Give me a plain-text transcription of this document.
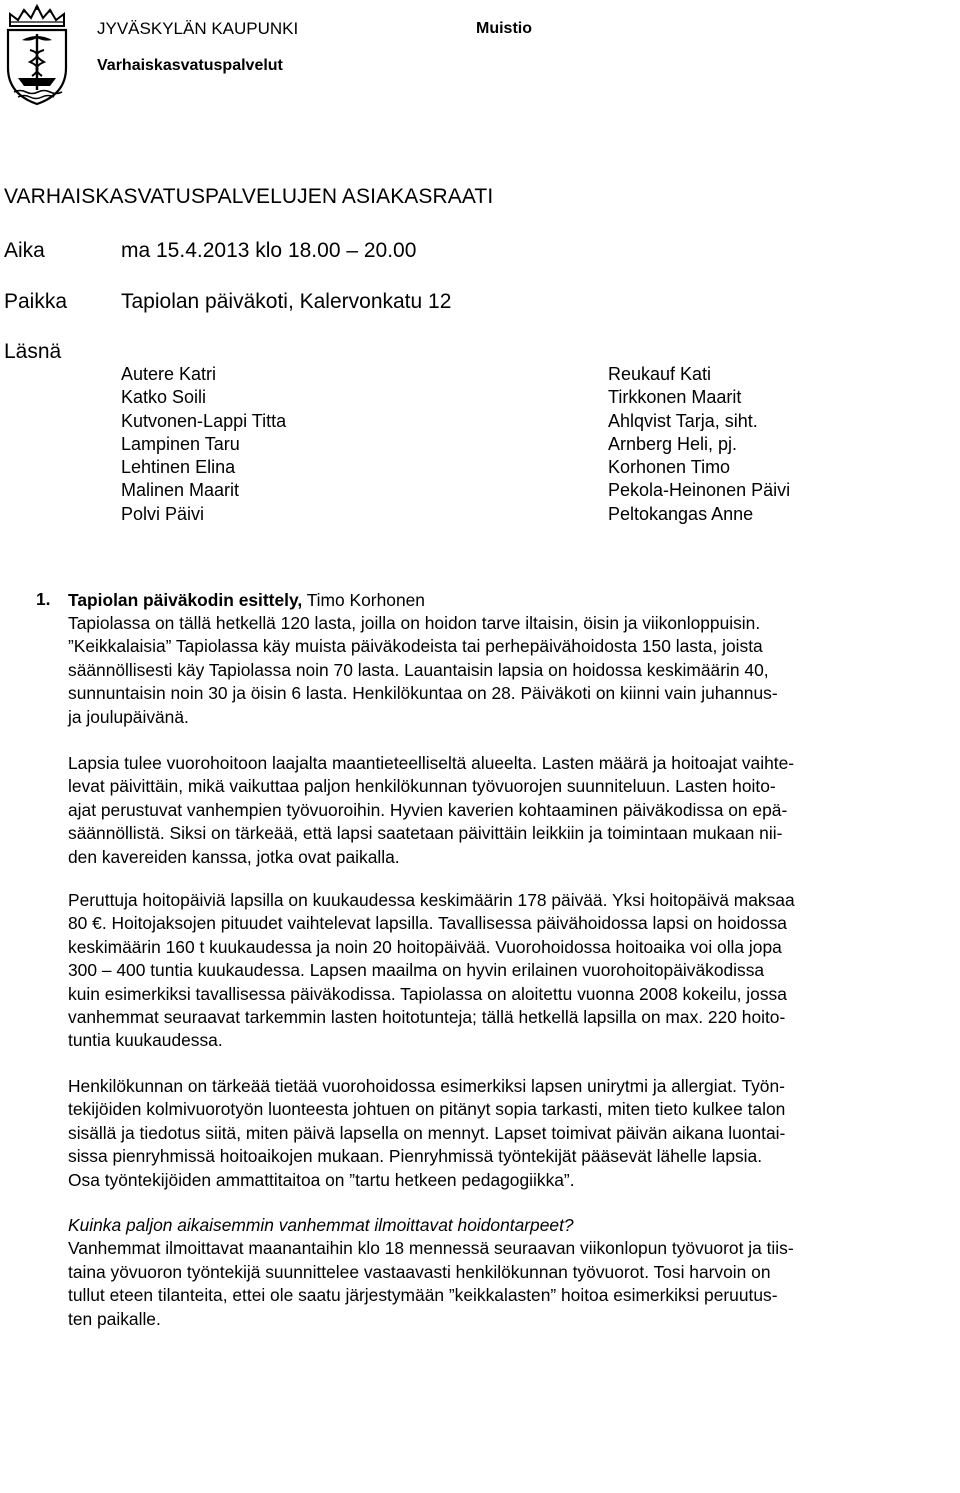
JYVÄSKYLÄN KAUPUNKI	Muistio
Varhaiskasvatuspalvelut
VARHAISKASVATUSPALVELUJEN ASIAKASRAATI
Aika	ma 15.4.2013 klo 18.00 – 20.00
Paikka	Tapiolan päiväkoti, Kalervonkatu 12
Läsnä
Autere Katri
Katko Soili
Kutvonen-Lappi Titta
Lampinen Taru
Lehtinen Elina
Malinen Maarit
Polvi Päivi
Reukauf Kati
Tirkkonen Maarit
Ahlqvist Tarja, siht.
Arnberg Heli, pj.
Korhonen Timo
Pekola-Heinonen Päivi
Peltokangas Anne
1. Tapiolan päiväkodin esittely, Timo Korhonen

Tapiolassa on tällä hetkellä 120 lasta, joilla on hoidon tarve iltaisin, öisin ja viikonloppuisin.

”Keikkalaisia” Tapiolassa käy muista päiväkodeista tai perhepäivähoidosta 150 lasta, joista

säännöllisesti käy Tapiolassa noin 70 lasta. Lauantaisin lapsia on hoidossa keskimäärin 40,

sunnuntaisin noin 30 ja öisin 6 lasta. Henkilökuntaa on 28. Päiväkoti on kiinni vain juhannus-

ja joulupäivänä.

Lapsia tulee vuorohoitoon laajalta maantieteelliseltä alueelta. Lasten määrä ja hoitoajat vaihte-

levat päivittäin, mikä vaikuttaa paljon henkilökunnan työvuorojen suunniteluun. Lasten hoito-

ajat perustuvat vanhempien työvuoroihin. Hyvien kaverien kohtaaminen päiväkodissa on epä-

säännöllistä. Siksi on tärkeää, että lapsi saatetaan päivittäin leikkiin ja toimintaan mukaan nii-

den kavereiden kanssa, jotka ovat paikalla.

Peruttuja hoitopäiviä lapsilla on kuukaudessa keskimäärin 178 päivää. Yksi hoitopäivä maksaa

80 €. Hoitojaksojen pituudet vaihtelevat lapsilla. Tavallisessa päivähoidossa lapsi on hoidossa

keskimäärin 160 t kuukaudessa ja noin 20 hoitopäivää. Vuorohoidossa hoitoaika voi olla jopa

300 – 400 tuntia kuukaudessa. Lapsen maailma on hyvin erilainen vuorohoitopäiväkodissa

kuin esimerkiksi tavallisessa päiväkodissa. Tapiolassa on aloitettu vuonna 2008 kokeilu, jossa

vanhemmat seuraavat tarkemmin lasten hoitotunteja; tällä hetkellä lapsilla on max. 220 hoito-

tuntia kuukaudessa.

Henkilökunnan on tärkeää tietää vuorohoidossa esimerkiksi lapsen unirytmi ja allergiat. Työn-

tekijöiden kolmivuorotyön luonteesta johtuen on pitänyt sopia tarkasti, miten tieto kulkee talon

sisällä ja tiedotus siitä, miten päivä lapsella on mennyt. Lapset toimivat päivän aikana luontai-

sissa pienryhmissä hoitoaikojen mukaan. Pienryhmissä työntekijät pääsevät lähelle lapsia.

Osa työntekijöiden ammattitaitoa on ”tartu hetkeen pedagogiikka”.

Kuinka paljon aikaisemmin vanhemmat ilmoittavat hoidontarpeet?

Vanhemmat ilmoittavat maanantaihin klo 18 mennessä seuraavan viikonlopun työvuorot ja tiis-

taina yövuoron työntekijä suunnittelee vastaavasti henkilökunnan työvuorot. Tosi harvoin on

tullut eteen tilanteita, ettei ole saatu järjestymään ”keikkalasten” hoitoa esimerkiksi peruutus-

ten paikalle.
